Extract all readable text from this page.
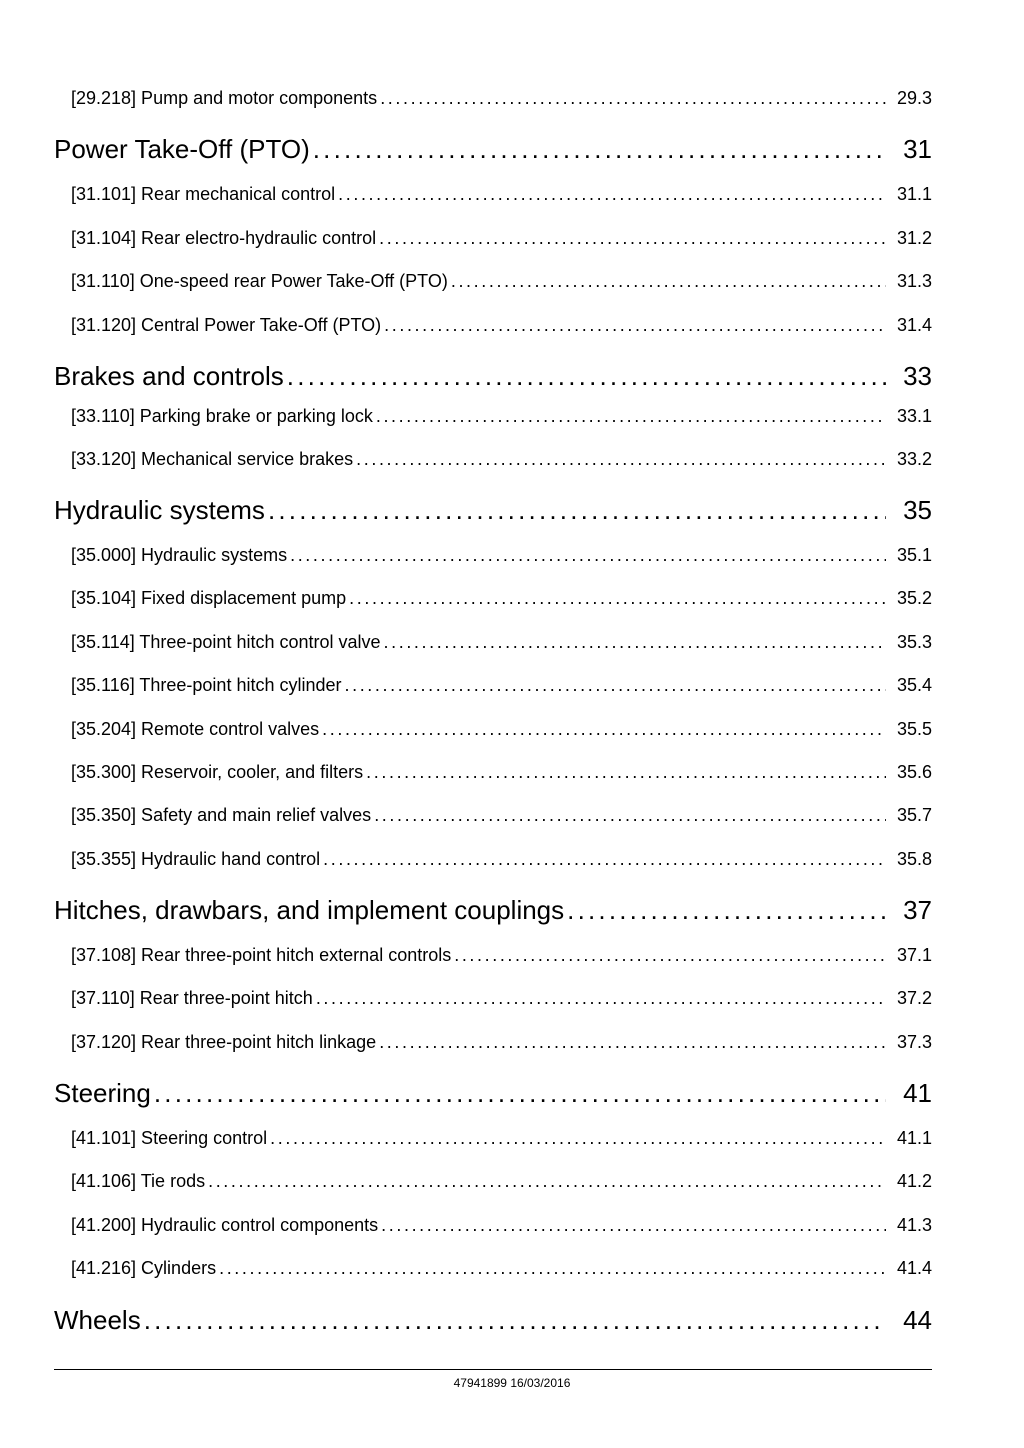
[29.218] Pump and motor components .....	29.3
Power Take-Off (PTO) .....	31
[31.101] Rear mechanical control .....	31.1
[31.104] Rear electro-hydraulic control .....	31.2
[31.110] One-speed rear Power Take-Off (PTO) .....	31.3
[31.120] Central Power Take-Off (PTO) .....	31.4
Brakes and controls .....	33
[33.110] Parking brake or parking lock .....	33.1
[33.120] Mechanical service brakes .....	33.2
Hydraulic systems .....	35
[35.000] Hydraulic systems .....	35.1
[35.104] Fixed displacement pump .....	35.2
[35.114] Three-point hitch control valve .....	35.3
[35.116] Three-point hitch cylinder .....	35.4
[35.204] Remote control valves .....	35.5
[35.300] Reservoir, cooler, and filters .....	35.6
[35.350] Safety and main relief valves .....	35.7
[35.355] Hydraulic hand control .....	35.8
Hitches, drawbars, and implement couplings .....	37
[37.108] Rear three-point hitch external controls .....	37.1
[37.110] Rear three-point hitch .....	37.2
[37.120] Rear three-point hitch linkage .....	37.3
Steering .....	41
[41.101] Steering control .....	41.1
[41.106] Tie rods .....	41.2
[41.200] Hydraulic control components .....	41.3
[41.216] Cylinders .....	41.4
Wheels .....	44
47941899 16/03/2016
